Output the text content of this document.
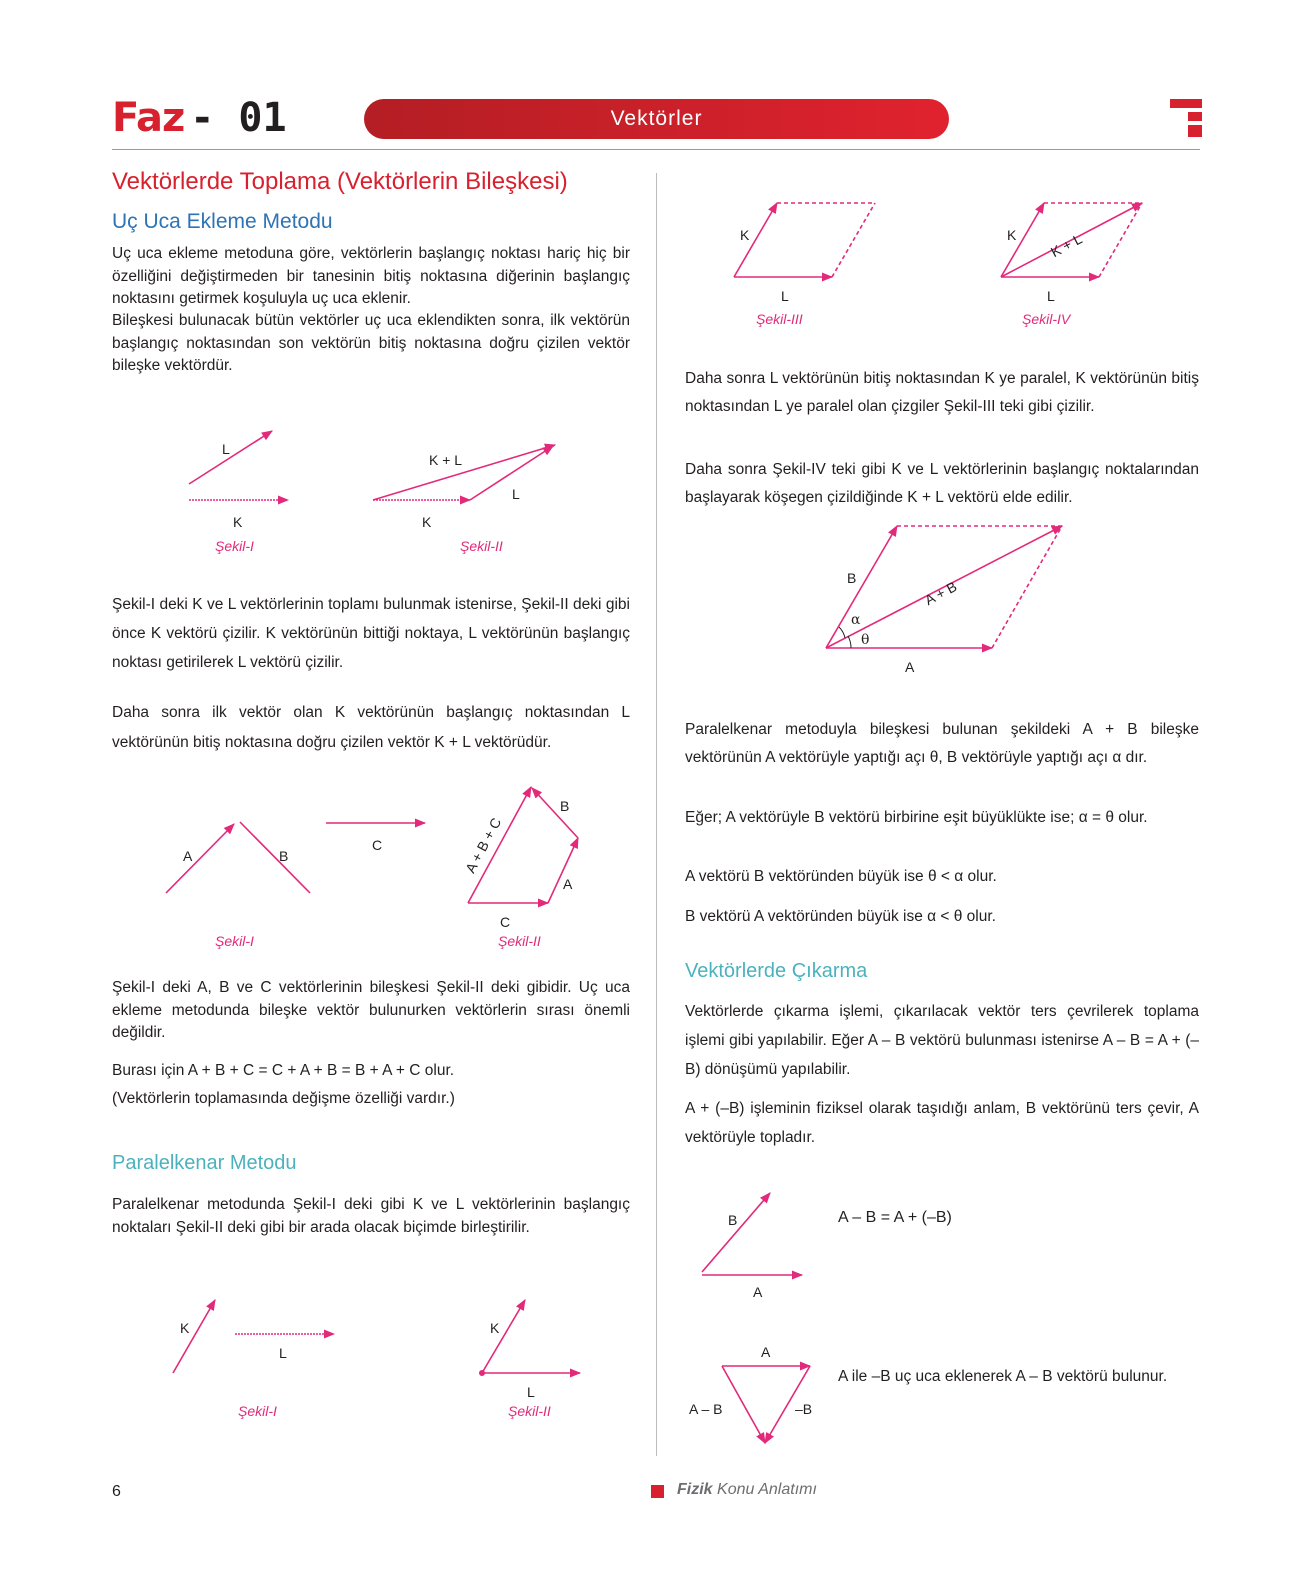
Faz - 01	Vektörler
Vektörlerde Toplama (Vektörlerin Bileşkesi)
Uç Uca Ekleme Metodu
Uç uca ekleme metoduna göre, vektörlerin başlangıç noktası hariç hiç bir özelliğini değiştirmeden bir tanesinin bitiş noktasına diğerinin başlangıç noktasını getirmek koşuluyla uç uca eklenir.
Bileşkesi bulunacak bütün vektörler uç uca eklendikten sonra, ilk vektörün başlangıç noktasından son vektörün bitiş noktasına doğru çizilen vektör bileşke vektördür.
Şekil-I	Şekil-II
Şekil-I deki K ve L vektörlerinin toplamı bulunmak istenirse, Şekil-II deki gibi önce K vektörü çizilir. K vektörünün bittiği noktaya, L vektörünün başlangıç noktası getirilerek L vektörü çizilir.
Daha sonra ilk vektör olan K vektörünün başlangıç noktasından L vektörünün bitiş noktasına doğru çizilen vektör K + L vektörüdür.
Şekil-I	Şekil-II
Şekil-I deki A, B ve C vektörlerinin bileşkesi Şekil-II deki gibidir. Uç uca ekleme metodunda bileşke vektör bulunurken vektörlerin sırası önemli değildir.
Burası için A + B + C = C + A + B = B + A + C olur.
(Vektörlerin toplamasında değişme özelliği vardır.)
Paralelkenar Metodu
Paralelkenar metodunda Şekil-I deki gibi K ve L vektörlerinin başlangıç noktaları Şekil-II deki gibi bir arada olacak biçimde birleştirilir.
Şekil-I	Şekil-II
Şekil-III	Şekil-IV
Daha sonra L vektörünün bitiş noktasından K ye paralel, K vektörünün bitiş noktasından L ye paralel olan çizgiler Şekil-III teki gibi çizilir.
Daha sonra Şekil-IV teki gibi K ve L vektörlerinin başlangıç noktalarından başlayarak köşegen çizildiğinde K + L vektörü elde edilir.
Paralelkenar metoduyla bileşkesi bulunan şekildeki A + B bileşke vektörünün A vektörüyle yaptığı açı θ, B vektörüyle yaptığı açı α dır.
Eğer; A vektörüyle B vektörü birbirine eşit büyüklükte ise; α = θ olur.
A vektörü B vektöründen büyük ise θ < α olur.
B vektörü A vektöründen büyük ise α < θ olur.
Vektörlerde Çıkarma
Vektörlerde çıkarma işlemi, çıkarılacak vektör ters çevrilerek toplama işlemi gibi yapılabilir. Eğer A – B vektörü bulunması istenirse A – B = A + (–B) dönüşümü yapılabilir.
A + (–B) işleminin fiziksel olarak taşıdığı anlam, B vektörünü ters çevir, A vektörüyle topladır.
A – B = A + (–B)
A ile –B uç uca eklenerek A – B vektörü bulunur.
L
K
K + L
L
K
A	B
C
B
A
C
A + B + C
K
L
K
L
K
L
K
L
K + L
B
A + B
A
α
θ
B
A
A
A – B	–B
6	Fizik Konu Anlatımı
